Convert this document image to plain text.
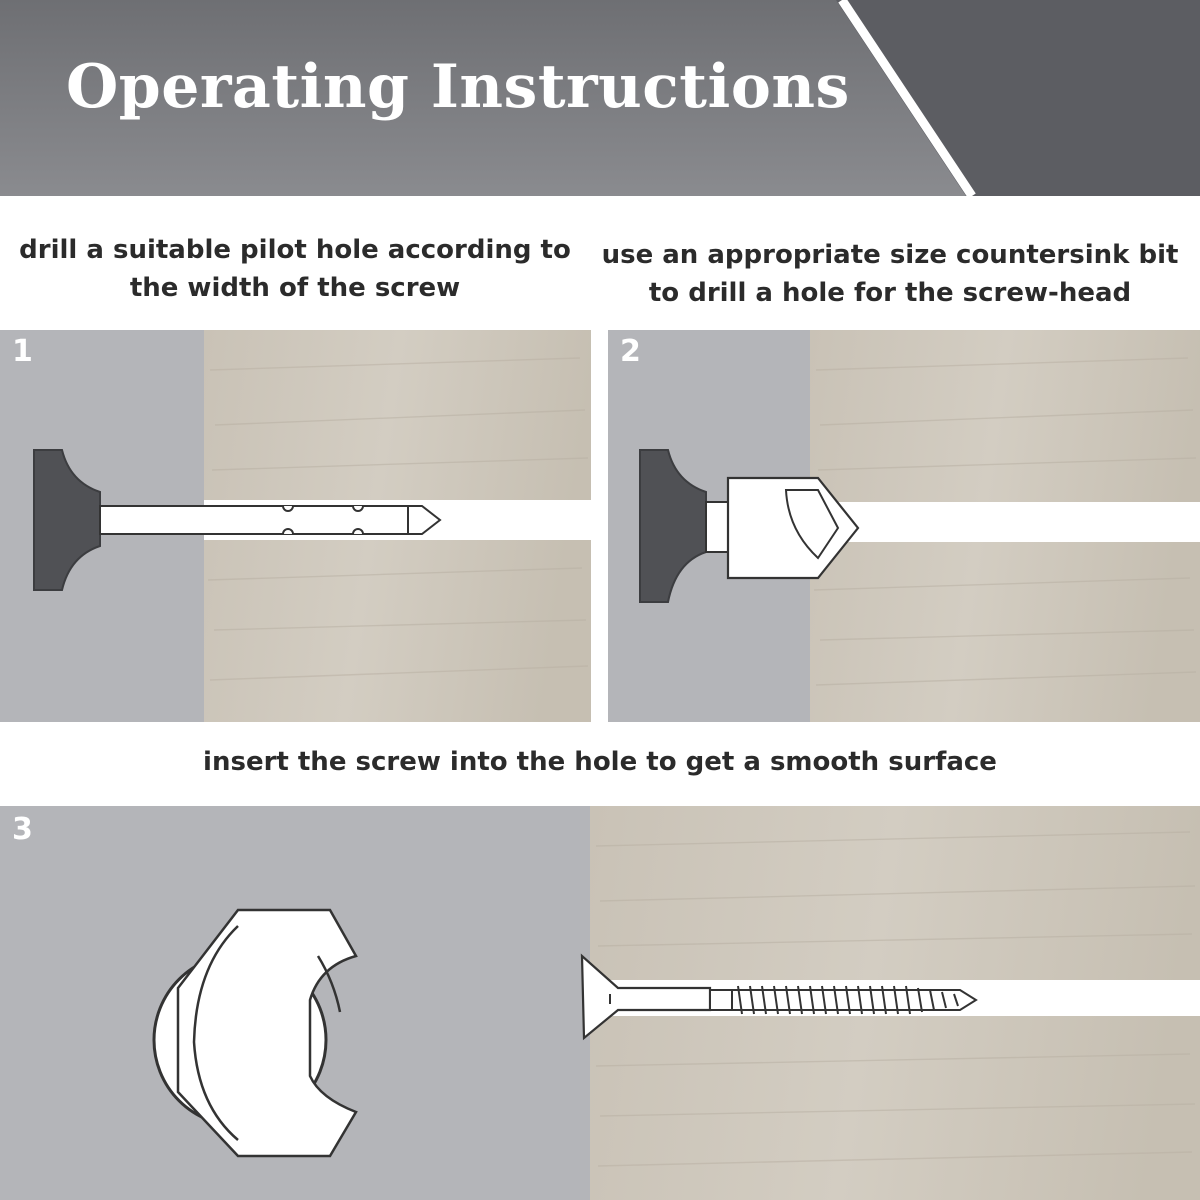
Operating Instructions
drill a suitable pilot hole according to the width of the screw
use an appropriate size countersink bit to drill a hole for the screw-head
insert the screw into the hole to get a smooth surface
1	2
3
